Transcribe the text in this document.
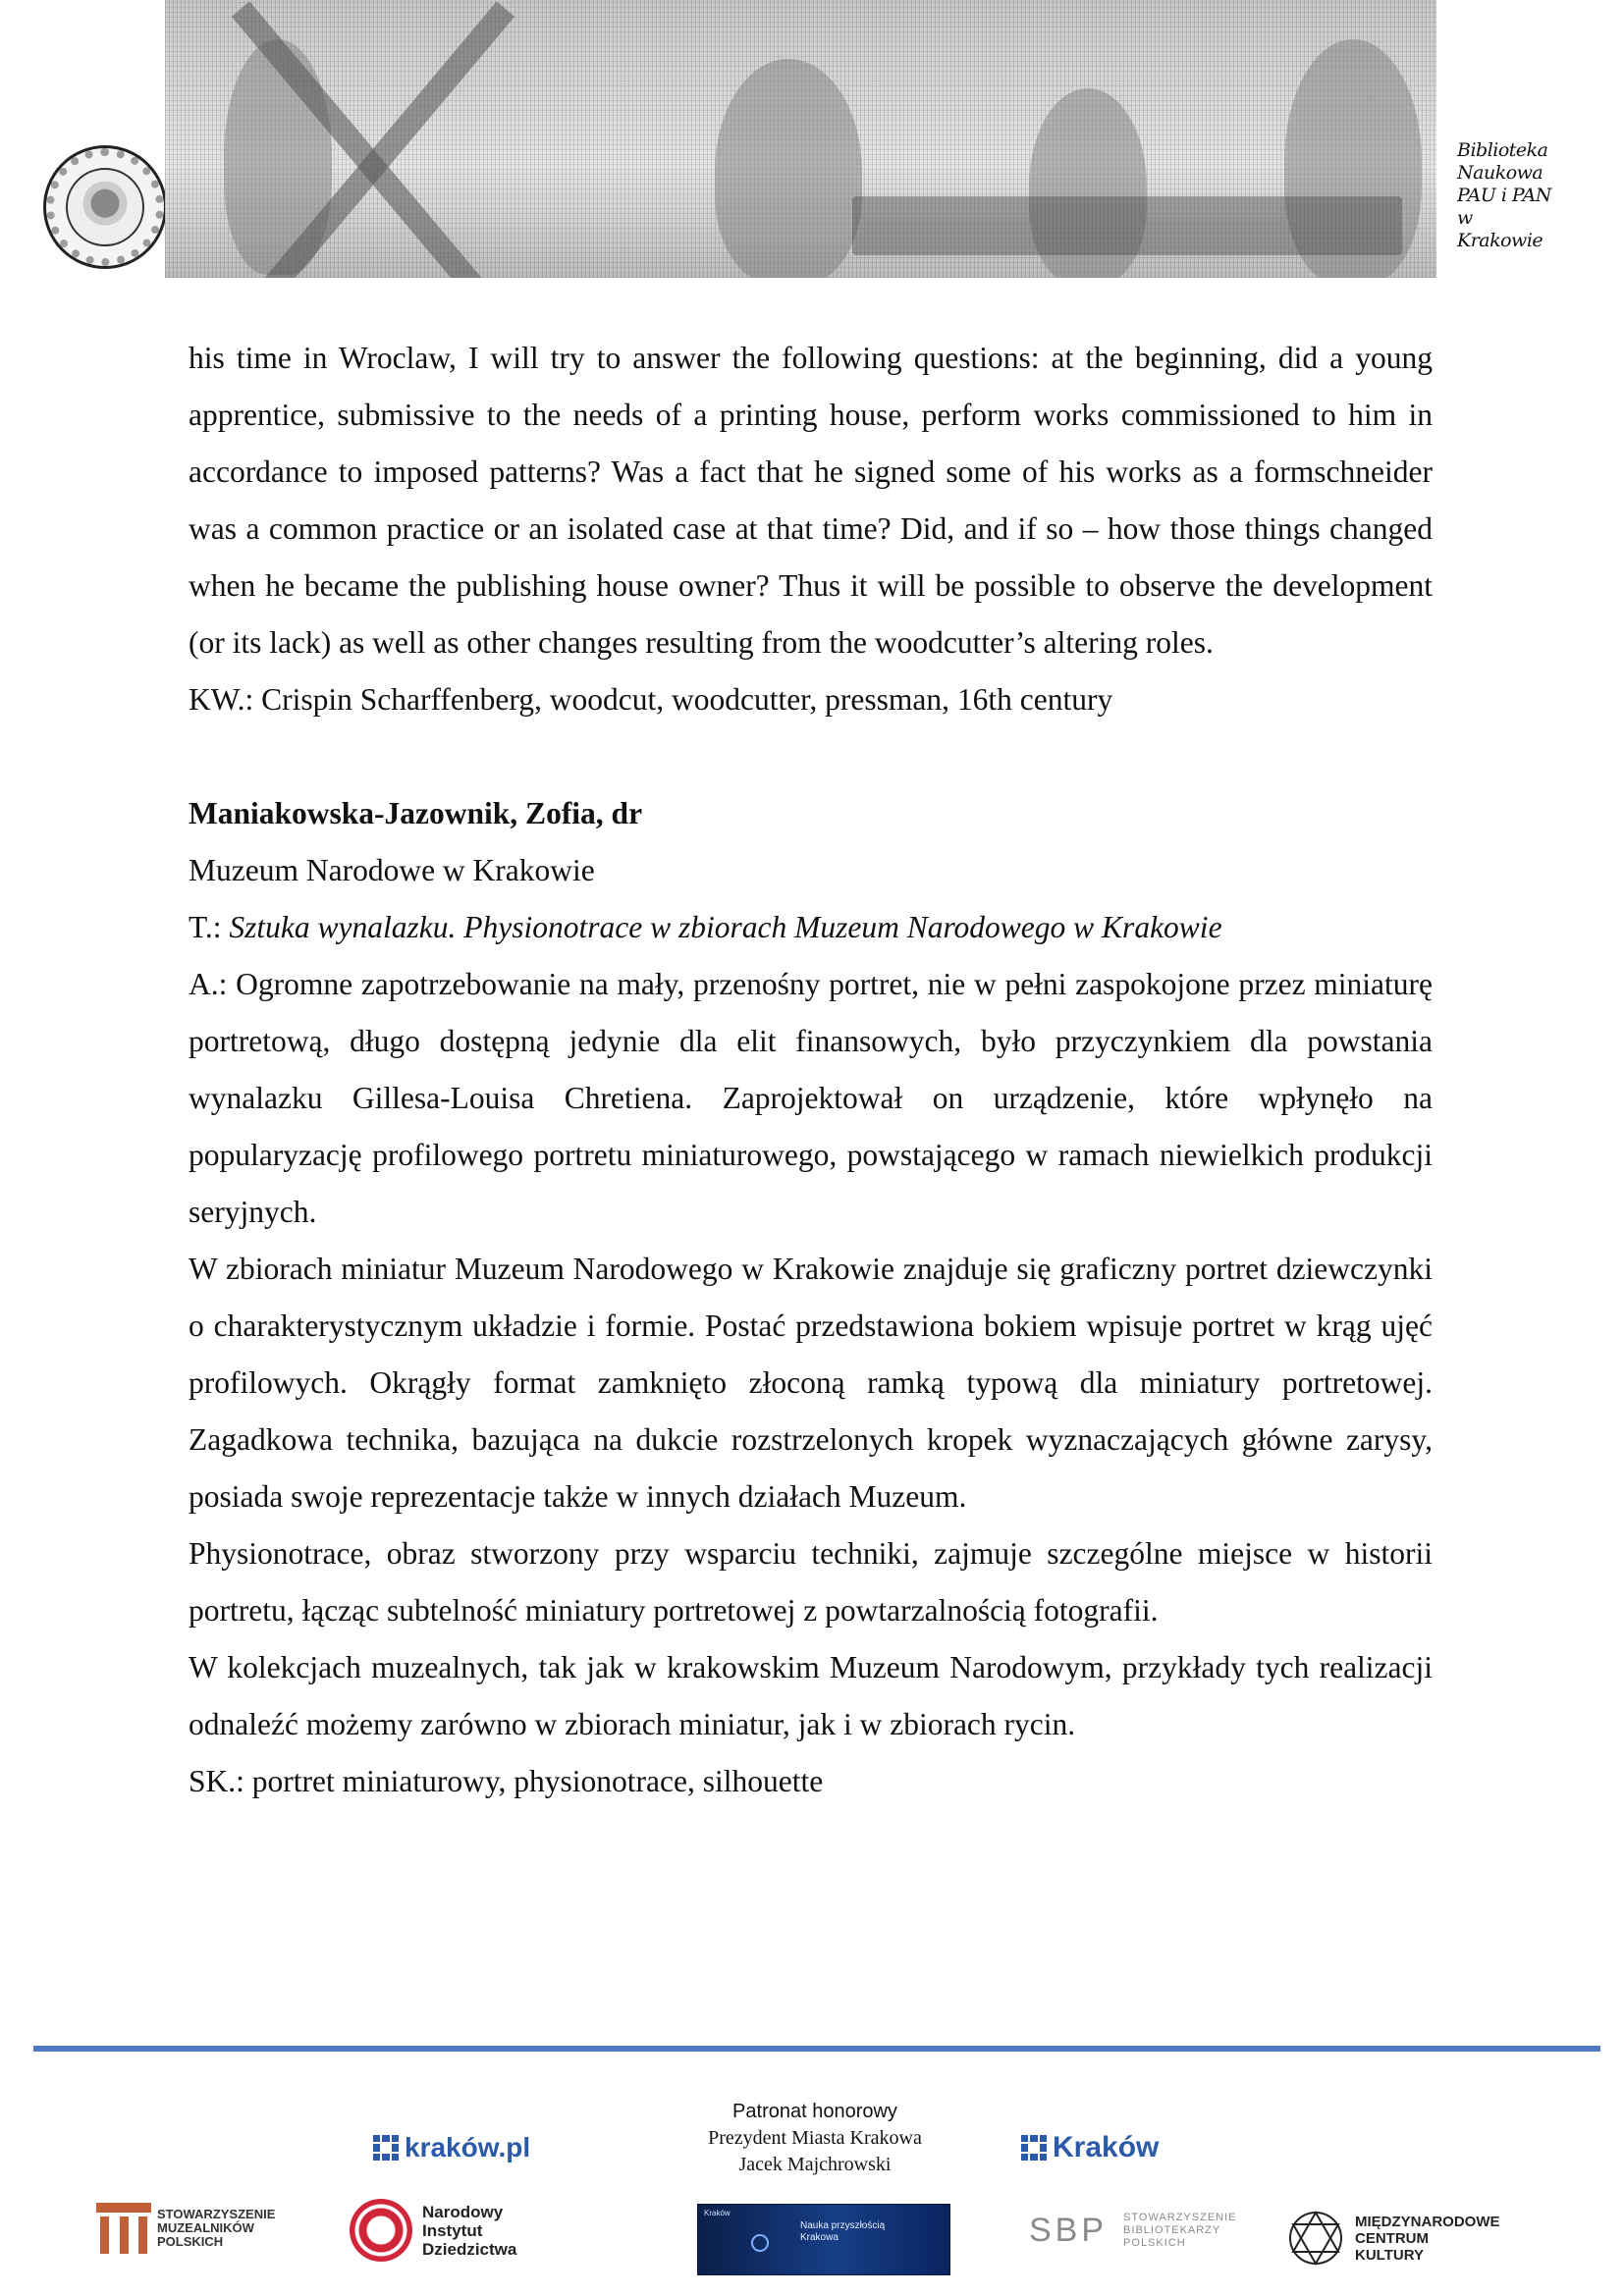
Biblioteka
Naukowa
PAU i PAN
w Krakowie

his time in Wroclaw, I will try to answer the following questions: at the beginning, did a young apprentice, submissive to the needs of a printing house, perform works commissioned to him in accordance to imposed patterns? Was a fact that he signed some of his works as a formschneider was a common practice or an isolated case at that time? Did, and if so – how those things changed when he became the publishing house owner? Thus it will be possible to observe the development (or its lack) as well as other changes resulting from the woodcutter’s altering roles.

KW.: Crispin Scharffenberg, woodcut, woodcutter, pressman, 16th century

Maniakowska-Jazownik, Zofia, dr

Muzeum Narodowe w Krakowie

T.: Sztuka wynalazku. Physionotrace w zbiorach Muzeum Narodowego w Krakowie

A.: Ogromne zapotrzebowanie na mały, przenośny portret, nie w pełni zaspokojone przez miniaturę portretową, długo dostępną jedynie dla elit finansowych, było przyczynkiem dla powstania wynalazku Gillesa-Louisa Chretiena. Zaprojektował on urządzenie, które wpłynęło na popularyzację profilowego portretu miniaturowego, powstającego w ramach niewielkich produkcji seryjnych.

W zbiorach miniatur Muzeum Narodowego w Krakowie znajduje się graficzny portret dziewczynki o charakterystycznym układzie i formie. Postać przedstawiona bokiem wpisuje portret w krąg ujęć profilowych. Okrągły format zamknięto złoconą ramką typową dla miniatury portretowej. Zagadkowa technika, bazująca na dukcie rozstrzelonych kropek wyznaczających główne zarysy, posiada swoje reprezentacje także w innych działach Muzeum.

Physionotrace, obraz stworzony przy wsparciu techniki, zajmuje szczególne miejsce w historii portretu, łącząc subtelność miniatury portretowej z powtarzalnością fotografii.

W kolekcjach muzealnych, tak jak w krakowskim Muzeum Narodowym, przykłady tych realizacji odnaleźć możemy zarówno w zbiorach miniatur, jak i w zbiorach rycin.

SK.: portret miniaturowy, physionotrace, silhouette

Patronat honorowy
Prezydent Miasta Krakowa
Jacek Majchrowski
kraków.pl	Kraków
STOWARZYSZENIE
MUZEALNIKÓW
POLSKICH
Narodowy
Instytut
Dziedzictwa
Kraków
Nauka przyszłością
Krakowa	SBP STOWARZYSZENIE
BIBLIOTEKARZY
POLSKICH
MIĘDZYNARODOWE
CENTRUM
KULTURY
